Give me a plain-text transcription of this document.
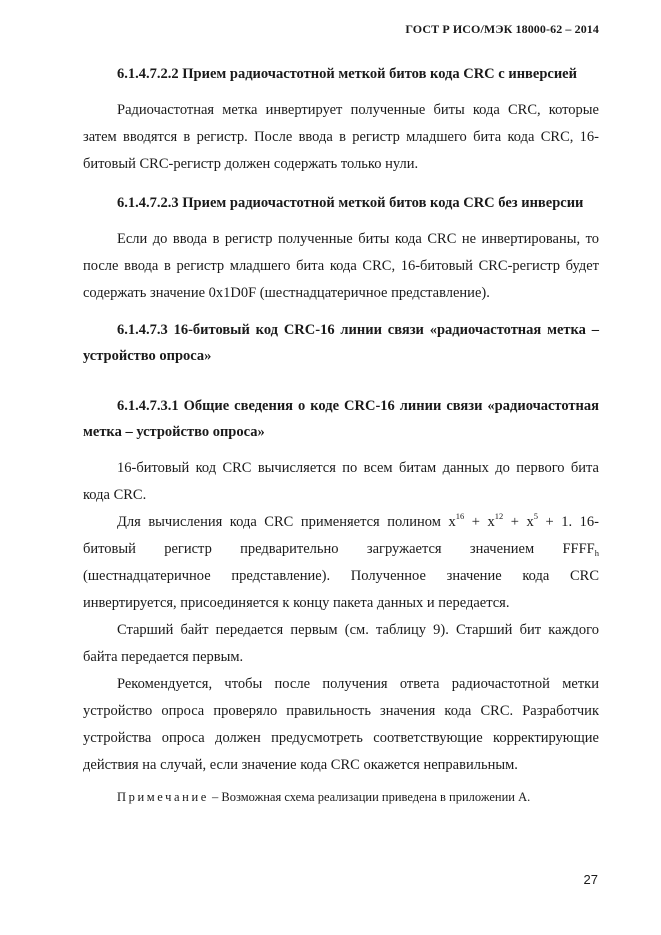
ГОСТ Р ИСО/МЭК 18000-62 – 2014

6.1.4.7.2.2 Прием радиочастотной меткой битов кода CRC с инверсией

Радиочастотная метка инвертирует полученные биты кода CRC, которые затем вводятся в регистр. После ввода в регистр младшего бита кода CRC, 16-битовый CRC-регистр должен содержать только нули.

6.1.4.7.2.3 Прием радиочастотной меткой битов кода CRC без инверсии

Если до ввода в регистр полученные биты кода CRC не инвертированы, то после ввода в регистр младшего бита кода CRC, 16-битовый CRC-регистр будет содержать значение 0x1D0F (шестнадцатеричное представление).

6.1.4.7.3 16-битовый код CRC-16 линии связи «радиочастотная метка – устройство опроса»

6.1.4.7.3.1 Общие сведения о коде CRC-16 линии связи «радиочастотная метка – устройство опроса»

16-битовый код CRC вычисляется по всем битам данных до первого бита кода CRC.

Для вычисления кода CRC применяется полином $x^{16} + x^{12} + x^5 + 1$. 16-битовый регистр предварительно загружается значением $FFFF_h$ (шестнадцатеричное представление). Полученное значение кода CRC инвертируется, присоединяется к концу пакета данных и передается.

Старший байт передается первым (см. таблицу 9). Старший бит каждого байта передается первым.

Рекомендуется, чтобы после получения ответа радиочастотной метки устройство опроса проверяло правильность значения кода CRC. Разработчик устройства опроса должен предусмотреть соответствующие корректирующие действия на случай, если значение кода CRC окажется неправильным.

Примечание – Возможная схема реализации приведена в приложении А.

27
